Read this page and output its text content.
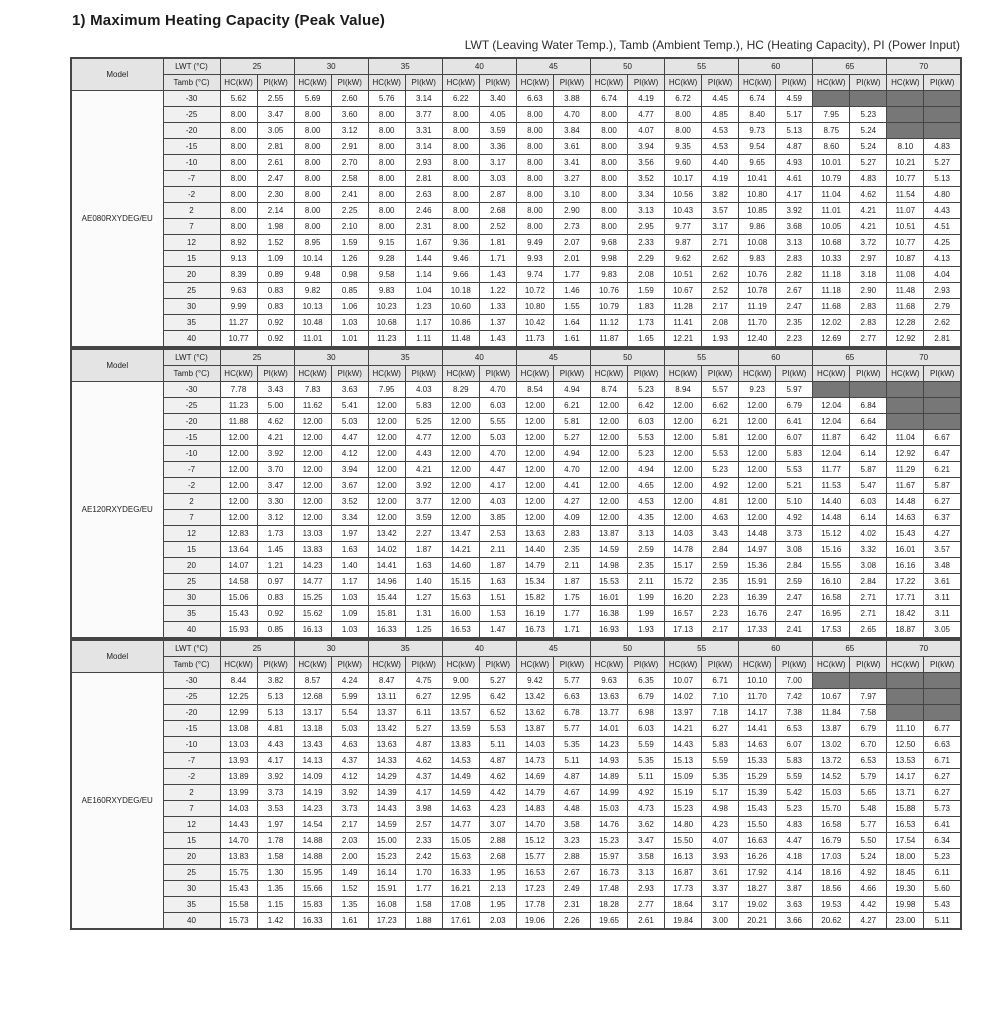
1) Maximum Heating Capacity (Peak Value)
LWT (Leaving Water Temp.), Tamb (Ambient Temp.), HC (Heating Capacity), PI (Power Input)
Model	LWT (°C)	25		30		35		40		45		50		55		60		65		70	
	Tamb (°C)	HC(kW)	PI(kW)	HC(kW)	PI(kW)	HC(kW)	PI(kW)	HC(kW)	PI(kW)	HC(kW)	PI(kW)	HC(kW)	PI(kW)	HC(kW)	PI(kW)	HC(kW)	PI(kW)	HC(kW)	PI(kW)	HC(kW)	PI(kW)
AE080RXYDEG/EU	-30	5.62	2.55	5.69	2.60	5.76	3.14	6.22	3.40	6.63	3.88	6.74	4.19	6.72	4.45	6.74	4.59				
	-25	8.00	3.47	8.00	3.60	8.00	3.77	8.00	4.05	8.00	4.70	8.00	4.77	8.00	4.85	8.40	5.17	7.95	5.23		
	-20	8.00	3.05	8.00	3.12	8.00	3.31	8.00	3.59	8.00	3.84	8.00	4.07	8.00	4.53	9.73	5.13	8.75	5.24		
	-15	8.00	2.81	8.00	2.91	8.00	3.14	8.00	3.36	8.00	3.61	8.00	3.94	9.35	4.53	9.54	4.87	8.60	5.24	8.10	4.83
	-10	8.00	2.61	8.00	2.70	8.00	2.93	8.00	3.17	8.00	3.41	8.00	3.56	9.60	4.40	9.65	4.93	10.01	5.27	10.21	5.27
	-7	8.00	2.47	8.00	2.58	8.00	2.81	8.00	3.03	8.00	3.27	8.00	3.52	10.17	4.19	10.41	4.61	10.79	4.83	10.77	5.13
	-2	8.00	2.30	8.00	2.41	8.00	2.63	8.00	2.87	8.00	3.10	8.00	3.34	10.56	3.82	10.80	4.17	11.04	4.62	11.54	4.80
	2	8.00	2.14	8.00	2.25	8.00	2.46	8.00	2.68	8.00	2.90	8.00	3.13	10.43	3.57	10.85	3.92	11.01	4.21	11.07	4.43
	7	8.00	1.98	8.00	2.10	8.00	2.31	8.00	2.52	8.00	2.73	8.00	2.95	9.77	3.17	9.86	3.68	10.05	4.21	10.51	4.51
	12	8.92	1.52	8.95	1.59	9.15	1.67	9.36	1.81	9.49	2.07	9.68	2.33	9.87	2.71	10.08	3.13	10.68	3.72	10.77	4.25
	15	9.13	1.09	10.14	1.26	9.28	1.44	9.46	1.71	9.93	2.01	9.98	2.29	9.62	2.62	9.83	2.83	10.33	2.97	10.87	4.13
	20	8.39	0.89	9.48	0.98	9.58	1.14	9.66	1.43	9.74	1.77	9.83	2.08	10.51	2.62	10.76	2.82	11.18	3.18	11.08	4.04
	25	9.63	0.83	9.82	0.85	9.83	1.04	10.18	1.22	10.72	1.46	10.76	1.59	10.67	2.52	10.78	2.67	11.18	2.90	11.48	2.93
	30	9.99	0.83	10.13	1.06	10.23	1.23	10.60	1.33	10.80	1.55	10.79	1.83	11.28	2.17	11.19	2.47	11.68	2.83	11.68	2.79
	35	11.27	0.92	10.48	1.03	10.68	1.17	10.86	1.37	10.42	1.64	11.12	1.73	11.41	2.08	11.70	2.35	12.02	2.83	12.28	2.62
	40	10.77	0.92	11.01	1.01	11.23	1.11	11.48	1.43	11.73	1.61	11.87	1.65	12.21	1.93	12.40	2.23	12.69	2.77	12.92	2.81
Model	LWT (°C)	25		30		35		40		45		50		55		60		65		70	
	Tamb (°C)	HC(kW)	PI(kW)	HC(kW)	PI(kW)	HC(kW)	PI(kW)	HC(kW)	PI(kW)	HC(kW)	PI(kW)	HC(kW)	PI(kW)	HC(kW)	PI(kW)	HC(kW)	PI(kW)	HC(kW)	PI(kW)	HC(kW)	PI(kW)
AE120RXYDEG/EU	-30	7.78	3.43	7.83	3.63	7.95	4.03	8.29	4.70	8.54	4.94	8.74	5.23	8.94	5.57	9.23	5.97				
	-25	11.23	5.00	11.62	5.41	12.00	5.83	12.00	6.03	12.00	6.21	12.00	6.42	12.00	6.62	12.00	6.79	12.04	6.84		
	-20	11.88	4.62	12.00	5.03	12.00	5.25	12.00	5.55	12.00	5.81	12.00	6.03	12.00	6.21	12.00	6.41	12.04	6.64		
	-15	12.00	4.21	12.00	4.47	12.00	4.77	12.00	5.03	12.00	5.27	12.00	5.53	12.00	5.81	12.00	6.07	11.87	6.42	11.04	6.67
	-10	12.00	3.92	12.00	4.12	12.00	4.43	12.00	4.70	12.00	4.94	12.00	5.23	12.00	5.53	12.00	5.83	12.04	6.14	12.92	6.47
	-7	12.00	3.70	12.00	3.94	12.00	4.21	12.00	4.47	12.00	4.70	12.00	4.94	12.00	5.23	12.00	5.53	11.77	5.87	11.29	6.21
	-2	12.00	3.47	12.00	3.67	12.00	3.92	12.00	4.17	12.00	4.41	12.00	4.65	12.00	4.92	12.00	5.21	11.53	5.47	11.67	5.87
	2	12.00	3.30	12.00	3.52	12.00	3.77	12.00	4.03	12.00	4.27	12.00	4.53	12.00	4.81	12.00	5.10	14.40	6.03	14.48	6.27
	7	12.00	3.12	12.00	3.34	12.00	3.59	12.00	3.85	12.00	4.09	12.00	4.35	12.00	4.63	12.00	4.92	14.48	6.14	14.63	6.37
	12	12.83	1.73	13.03	1.97	13.42	2.27	13.47	2.53	13.63	2.83	13.87	3.13	14.03	3.43	14.48	3.73	15.12	4.02	15.43	4.27
	15	13.64	1.45	13.83	1.63	14.02	1.87	14.21	2.11	14.40	2.35	14.59	2.59	14.78	2.84	14.97	3.08	15.16	3.32	16.01	3.57
	20	14.07	1.21	14.23	1.40	14.41	1.63	14.60	1.87	14.79	2.11	14.98	2.35	15.17	2.59	15.36	2.84	15.55	3.08	16.16	3.48
	25	14.58	0.97	14.77	1.17	14.96	1.40	15.15	1.63	15.34	1.87	15.53	2.11	15.72	2.35	15.91	2.59	16.10	2.84	17.22	3.61
	30	15.06	0.83	15.25	1.03	15.44	1.27	15.63	1.51	15.82	1.75	16.01	1.99	16.20	2.23	16.39	2.47	16.58	2.71	17.71	3.11
	35	15.43	0.92	15.62	1.09	15.81	1.31	16.00	1.53	16.19	1.77	16.38	1.99	16.57	2.23	16.76	2.47	16.95	2.71	18.42	3.11
	40	15.93	0.85	16.13	1.03	16.33	1.25	16.53	1.47	16.73	1.71	16.93	1.93	17.13	2.17	17.33	2.41	17.53	2.65	18.87	3.05
Model	LWT (°C)	25		30		35		40		45		50		55		60		65		70	
	Tamb (°C)	HC(kW)	PI(kW)	HC(kW)	PI(kW)	HC(kW)	PI(kW)	HC(kW)	PI(kW)	HC(kW)	PI(kW)	HC(kW)	PI(kW)	HC(kW)	PI(kW)	HC(kW)	PI(kW)	HC(kW)	PI(kW)	HC(kW)	PI(kW)
AE160RXYDEG/EU	-30	8.44	3.82	8.57	4.24	8.47	4.75	9.00	5.27	9.42	5.77	9.63	6.35	10.07	6.71	10.10	7.00				
	-25	12.25	5.13	12.68	5.99	13.11	6.27	12.95	6.42	13.42	6.63	13.63	6.79	14.02	7.10	11.70	7.42	10.67	7.97		
	-20	12.99	5.13	13.17	5.54	13.37	6.11	13.57	6.52	13.62	6.78	13.77	6.98	13.97	7.18	14.17	7.38	11.84	7.58		
	-15	13.08	4.81	13.18	5.03	13.42	5.27	13.59	5.53	13.87	5.77	14.01	6.03	14.21	6.27	14.41	6.53	13.87	6.79	11.10	6.77
	-10	13.03	4.43	13.43	4.63	13.63	4.87	13.83	5.11	14.03	5.35	14.23	5.59	14.43	5.83	14.63	6.07	13.02	6.70	12.50	6.63
	-7	13.93	4.17	14.13	4.37	14.33	4.62	14.53	4.87	14.73	5.11	14.93	5.35	15.13	5.59	15.33	5.83	13.72	6.53	13.53	6.71
	-2	13.89	3.92	14.09	4.12	14.29	4.37	14.49	4.62	14.69	4.87	14.89	5.11	15.09	5.35	15.29	5.59	14.52	5.79	14.17	6.27
	2	13.99	3.73	14.19	3.92	14.39	4.17	14.59	4.42	14.79	4.67	14.99	4.92	15.19	5.17	15.39	5.42	15.03	5.65	13.71	6.27
	7	14.03	3.53	14.23	3.73	14.43	3.98	14.63	4.23	14.83	4.48	15.03	4.73	15.23	4.98	15.43	5.23	15.70	5.48	15.88	5.73
	12	14.43	1.97	14.54	2.17	14.59	2.57	14.77	3.07	14.70	3.58	14.76	3.62	14.80	4.23	15.50	4.83	16.58	5.77	16.53	6.41
	15	14.70	1.78	14.88	2.03	15.00	2.33	15.05	2.88	15.12	3.23	15.23	3.47	15.50	4.07	16.63	4.47	16.79	5.50	17.54	6.34
	20	13.83	1.58	14.88	2.00	15.23	2.42	15.63	2.68	15.77	2.88	15.97	3.58	16.13	3.93	16.26	4.18	17.03	5.24	18.00	5.23
	25	15.75	1.30	15.95	1.49	16.14	1.70	16.33	1.95	16.53	2.67	16.73	3.13	16.87	3.61	17.92	4.14	18.16	4.92	18.45	6.11
	30	15.43	1.35	15.66	1.52	15.91	1.77	16.21	2.13	17.23	2.49	17.48	2.93	17.73	3.37	18.27	3.87	18.56	4.66	19.30	5.60
	35	15.58	1.15	15.83	1.35	16.08	1.58	17.08	1.95	17.78	2.31	18.28	2.77	18.64	3.17	19.02	3.63	19.53	4.42	19.98	5.43
	40	15.73	1.42	16.33	1.61	17.23	1.88	17.61	2.03	19.06	2.26	19.65	2.61	19.84	3.00	20.21	3.66	20.62	4.27	23.00	5.11
